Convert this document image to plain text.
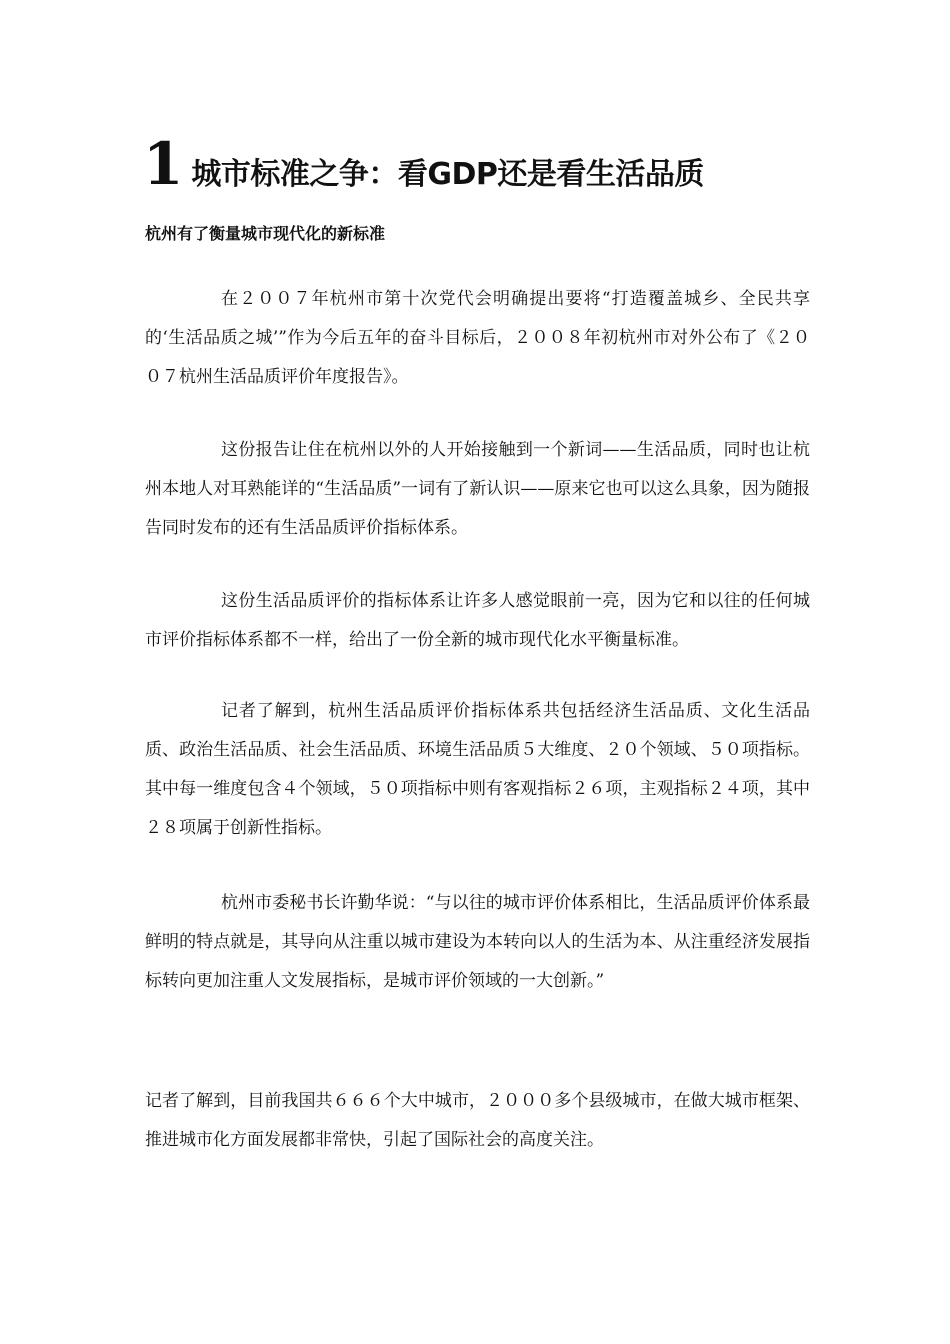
1 城市标准之争：看GDP还是看生活品质
杭州有了衡量城市现代化的新标准

在２００７年杭州市第十次党代会明确提出要将“打造覆盖城乡、全民共享的‘生活品质之城’”作为今后五年的奋斗目标后，２００８年初杭州市对外公布了《２００７杭州生活品质评价年度报告》。

这份报告让住在杭州以外的人开始接触到一个新词——生活品质，同时也让杭州本地人对耳熟能详的“生活品质”一词有了新认识——原来它也可以这么具象，因为随报告同时发布的还有生活品质评价指标体系。

这份生活品质评价的指标体系让许多人感觉眼前一亮，因为它和以往的任何城市评价指标体系都不一样，给出了一份全新的城市现代化水平衡量标准。

记者了解到，杭州生活品质评价指标体系共包括经济生活品质、文化生活品质、政治生活品质、社会生活品质、环境生活品质５大维度、２０个领域、５０项指标。其中每一维度包含４个领域，５０项指标中则有客观指标２６项，主观指标２４项，其中２８项属于创新性指标。

杭州市委秘书长许勤华说：“与以往的城市评价体系相比，生活品质评价体系最鲜明的特点就是，其导向从注重以城市建设为本转向以人的生活为本、从注重经济发展指标转向更加注重人文发展指标，是城市评价领域的一大创新。”

记者了解到，目前我国共６６６个大中城市，２０００多个县级城市，在做大城市框架、推进城市化方面发展都非常快，引起了国际社会的高度关注。
